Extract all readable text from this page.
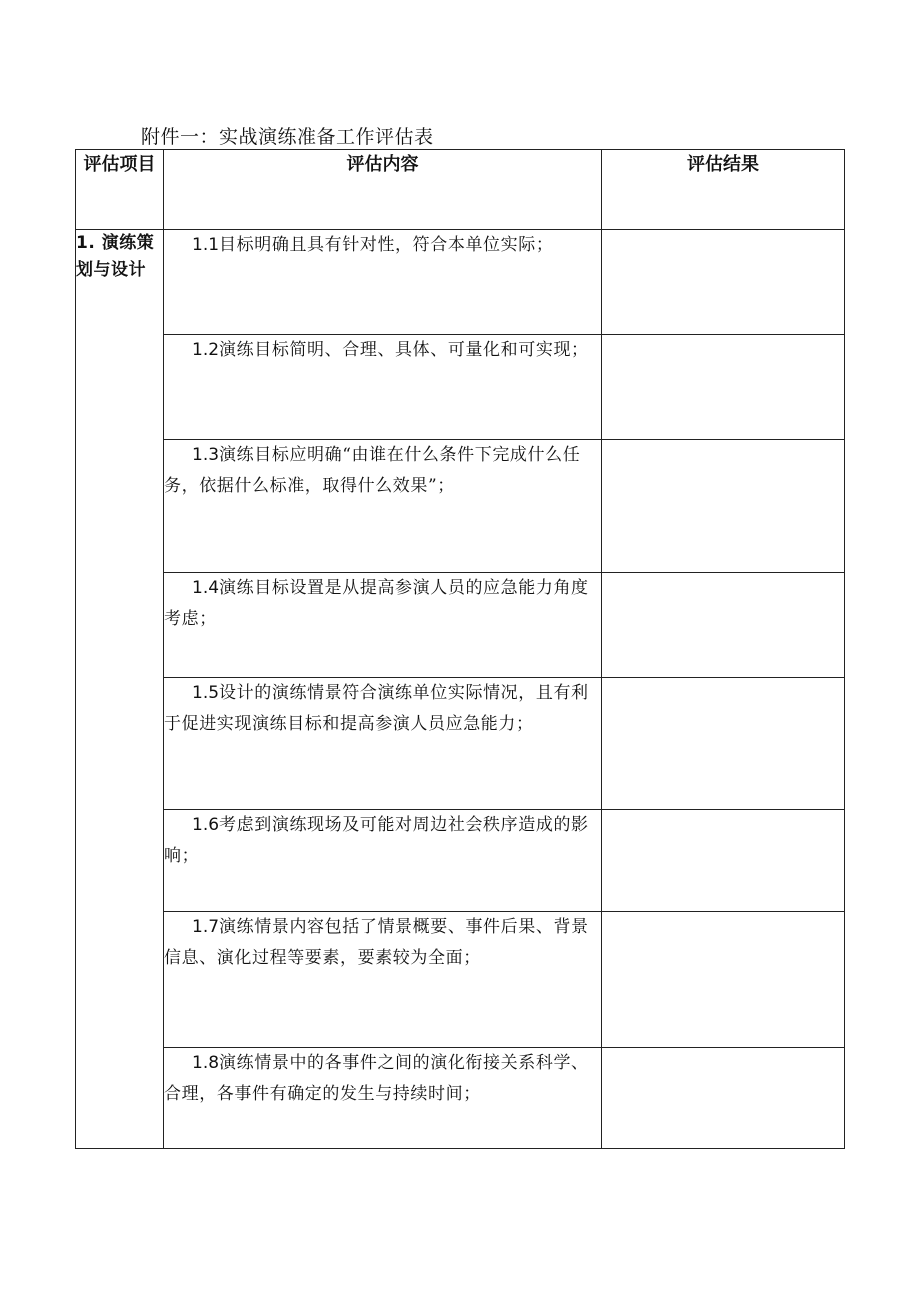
附件一：实战演练准备工作评估表
评估项目	评估内容	评估结果
1. 演练策划与设计	1.1目标明确且具有针对性，符合本单位实际；	
	1.2演练目标简明、合理、具体、可量化和可实现；	
	1.3演练目标应明确“由谁在什么条件下完成什么任务，依据什么标准，取得什么效果”；	
	1.4演练目标设置是从提高参演人员的应急能力角度考虑；	
	1.5设计的演练情景符合演练单位实际情况，且有利于促进实现演练目标和提高参演人员应急能力；	
	1.6考虑到演练现场及可能对周边社会秩序造成的影响；	
	1.7演练情景内容包括了情景概要、事件后果、背景信息、演化过程等要素，要素较为全面；	
	1.8演练情景中的各事件之间的演化衔接关系科学、合理，各事件有确定的发生与持续时间；	
